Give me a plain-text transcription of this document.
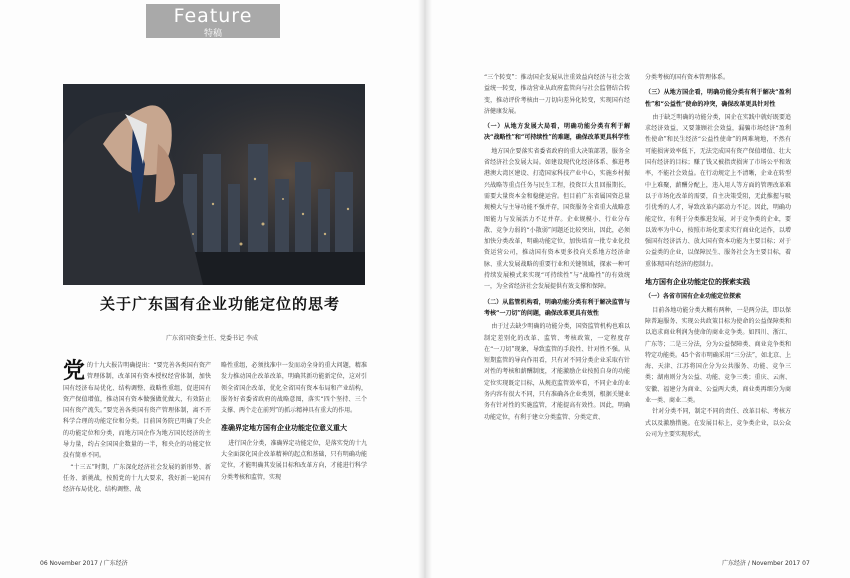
Feature
特稿
关于广东国有企业功能定位的思考
广东省国资委主任、党委书记 李成
党 的十九大报告明确提出：“要完善各类国有资产管理体制，改革国有资本授权经营体制，加快国有经济布局优化、结构调整、战略性重组，促进国有资产保值增值，推动国有资本做强做优做大，有效防止国有资产流失。”要完善各类国有资产管理体制，离不开科学合理的功能定位和分类。目前国务院已明确了央企的功能定位和分类，而地方国企作为地方国民经济的主导力量，约占全国国企数量的一半，和央企的功能定位没有简单不同。

“十三五”时期，广东深化经济社会发展的新形势、新任务、新挑战，按照党的十九大要求，我好新一轮国有经济布局优化、结构调整、战

略性重组，必须找准中一发而动全身的重大问题，精准发力推动国企改革改革，明确其新功能新定位，这对引领全省国企改革，优化全省国有资本布局和产业结构，服务好省委省政府的战略意图，落实“四个坚持、三个支撑、两个走在前列”的抓示精神具有重大的作用。

准确界定地方国有企业功能定位意义重大

进行国企分类，准确界定功能定位，是落实党的十九大全面深化国企改革精神的起点和基础，只有明确功能定位，才能明确其发展目标和改革方向，才能进行科学分类考核和监管，实现

“三个转变”：推动国企发展从注重效益向经济与社会效益统一转变，推动营业从政府监管向与社会监督结合转变，推动评价考核由一刀切向差异化转变，实现国有经济健康发展。

（一）从地方发展大局看，明确功能分类有利于解决“战略性”和“可持续性”的难题，确保改革更具科学性

地方国企要落实省委省政府的重大决策部署，服务全省经济社会发展大局。如建设现代化经济体系、推进粤港澳大湾区建设、打造国家科技产业中心，实施乡村振兴战略等重点任务与民生工程，投资巨大且回报期长，需要大量资本金和稳健运营。但目前广东省属国资总量规模大与主导功能不强并存，国资服务全省重大战略意图能力与发展活力不足并存。企业规模小、行业分布散、竞争力弱的“小散弱”问题还比较突出，因此，必须加快分类改革，明确功能定位，加快培育一批专业化投资运营公司，推动国有资本更多投向关系地方经济命脉、重大发展战略的重要行业和关键领域，探索一种可持续发展模式来实现“可持续性”与“战略性”的有效统一，为全省经济社会发展提供有效支撑和保障。

（二）从监管机构看，明确功能分类有利于解决监管与考核“一刀切”的问题，确保改革更具有效性

由于过去缺少明确的功能分类，国资监管机构也难以制定差别化的改革、监管、考核政策，一定程度存在“一刀切”现象，导致监管的手段性、针对性不强。从短期监管的导向作用看，只有对不同分类企业采取有针对性的考核和薪酬制度，才能激励企业按照自身的功能定位实现既定目标，从规范监管效率看，不同企业的业务内容有很大不同，只有准确各企业类别，根据关键业务有针对性的实施监管，才能提高有效性。因此，明确功能定位，有利于建立分类监管、分类定责、

分类考核的国有资本管理体系。

（三）从地方国企看，明确功能分类有利于解决“盈利性”和“公益性”使命的冲突，确保改革更具针对性

由于缺乏明确的功能分类，国企在实践中就好既要追求经济效益，又要兼顾社会效益，漏骗市场经济“盈利性使命”和民生经济“公益性使命”的两难境地，不然有可能损害效率低下，无法完成国有资产保值增值、壮大国有经济的目标；赚了钱又被指责损害了市场公平和效率，不能社会效益。在行动规定上不清晰，企业在转型中上难聚，薪酬分配上，违入用人等方面的管理改革难以于市场化改革的需要，自主决策受阻，无此推握与吸引优秀的人才，导致改革内部动力不足。因此，明确功能定位，有利于分类推进发展，对于竞争类的企业，要以效率为中心，按照市场化要求实行商业化运作，以增强国有经济活力、放大国有资本功能为主要目标；对于公益类的企业，以保障民生、服务社会为主要目标，着重体现国有经济的控制力。

地方国有企业功能定位的探索实践
（一）各省市国有企业功能定位探索

目前各地功能分类大概有两种，一是两分法，即以保障普遍服务、实现公共政策目标为使命的公益保障类和以追求商业利润为使命的商业竞争类。如四川、浙江、广东等；二是三分法，分为公益保障类、商业竞争类和特定功能类。45个省市明确采用“三分法”，如北京、上海、天津、江苏将国企分为公共服务、功能、竞争三类；湖南则分为公益、功能、竞争三类；重庆、云南、安徽、福建分为商业、公益两大类，商业类再细分为商业一类、商业二类。

针对分类不同，制定不同的责任、改革目标、考核方式以及激励措施。在发展目标上，竞争类企业，以公众公司为主要实现形式，

06 November 2017 / 广东经济	广东经济 / November 2017 07
